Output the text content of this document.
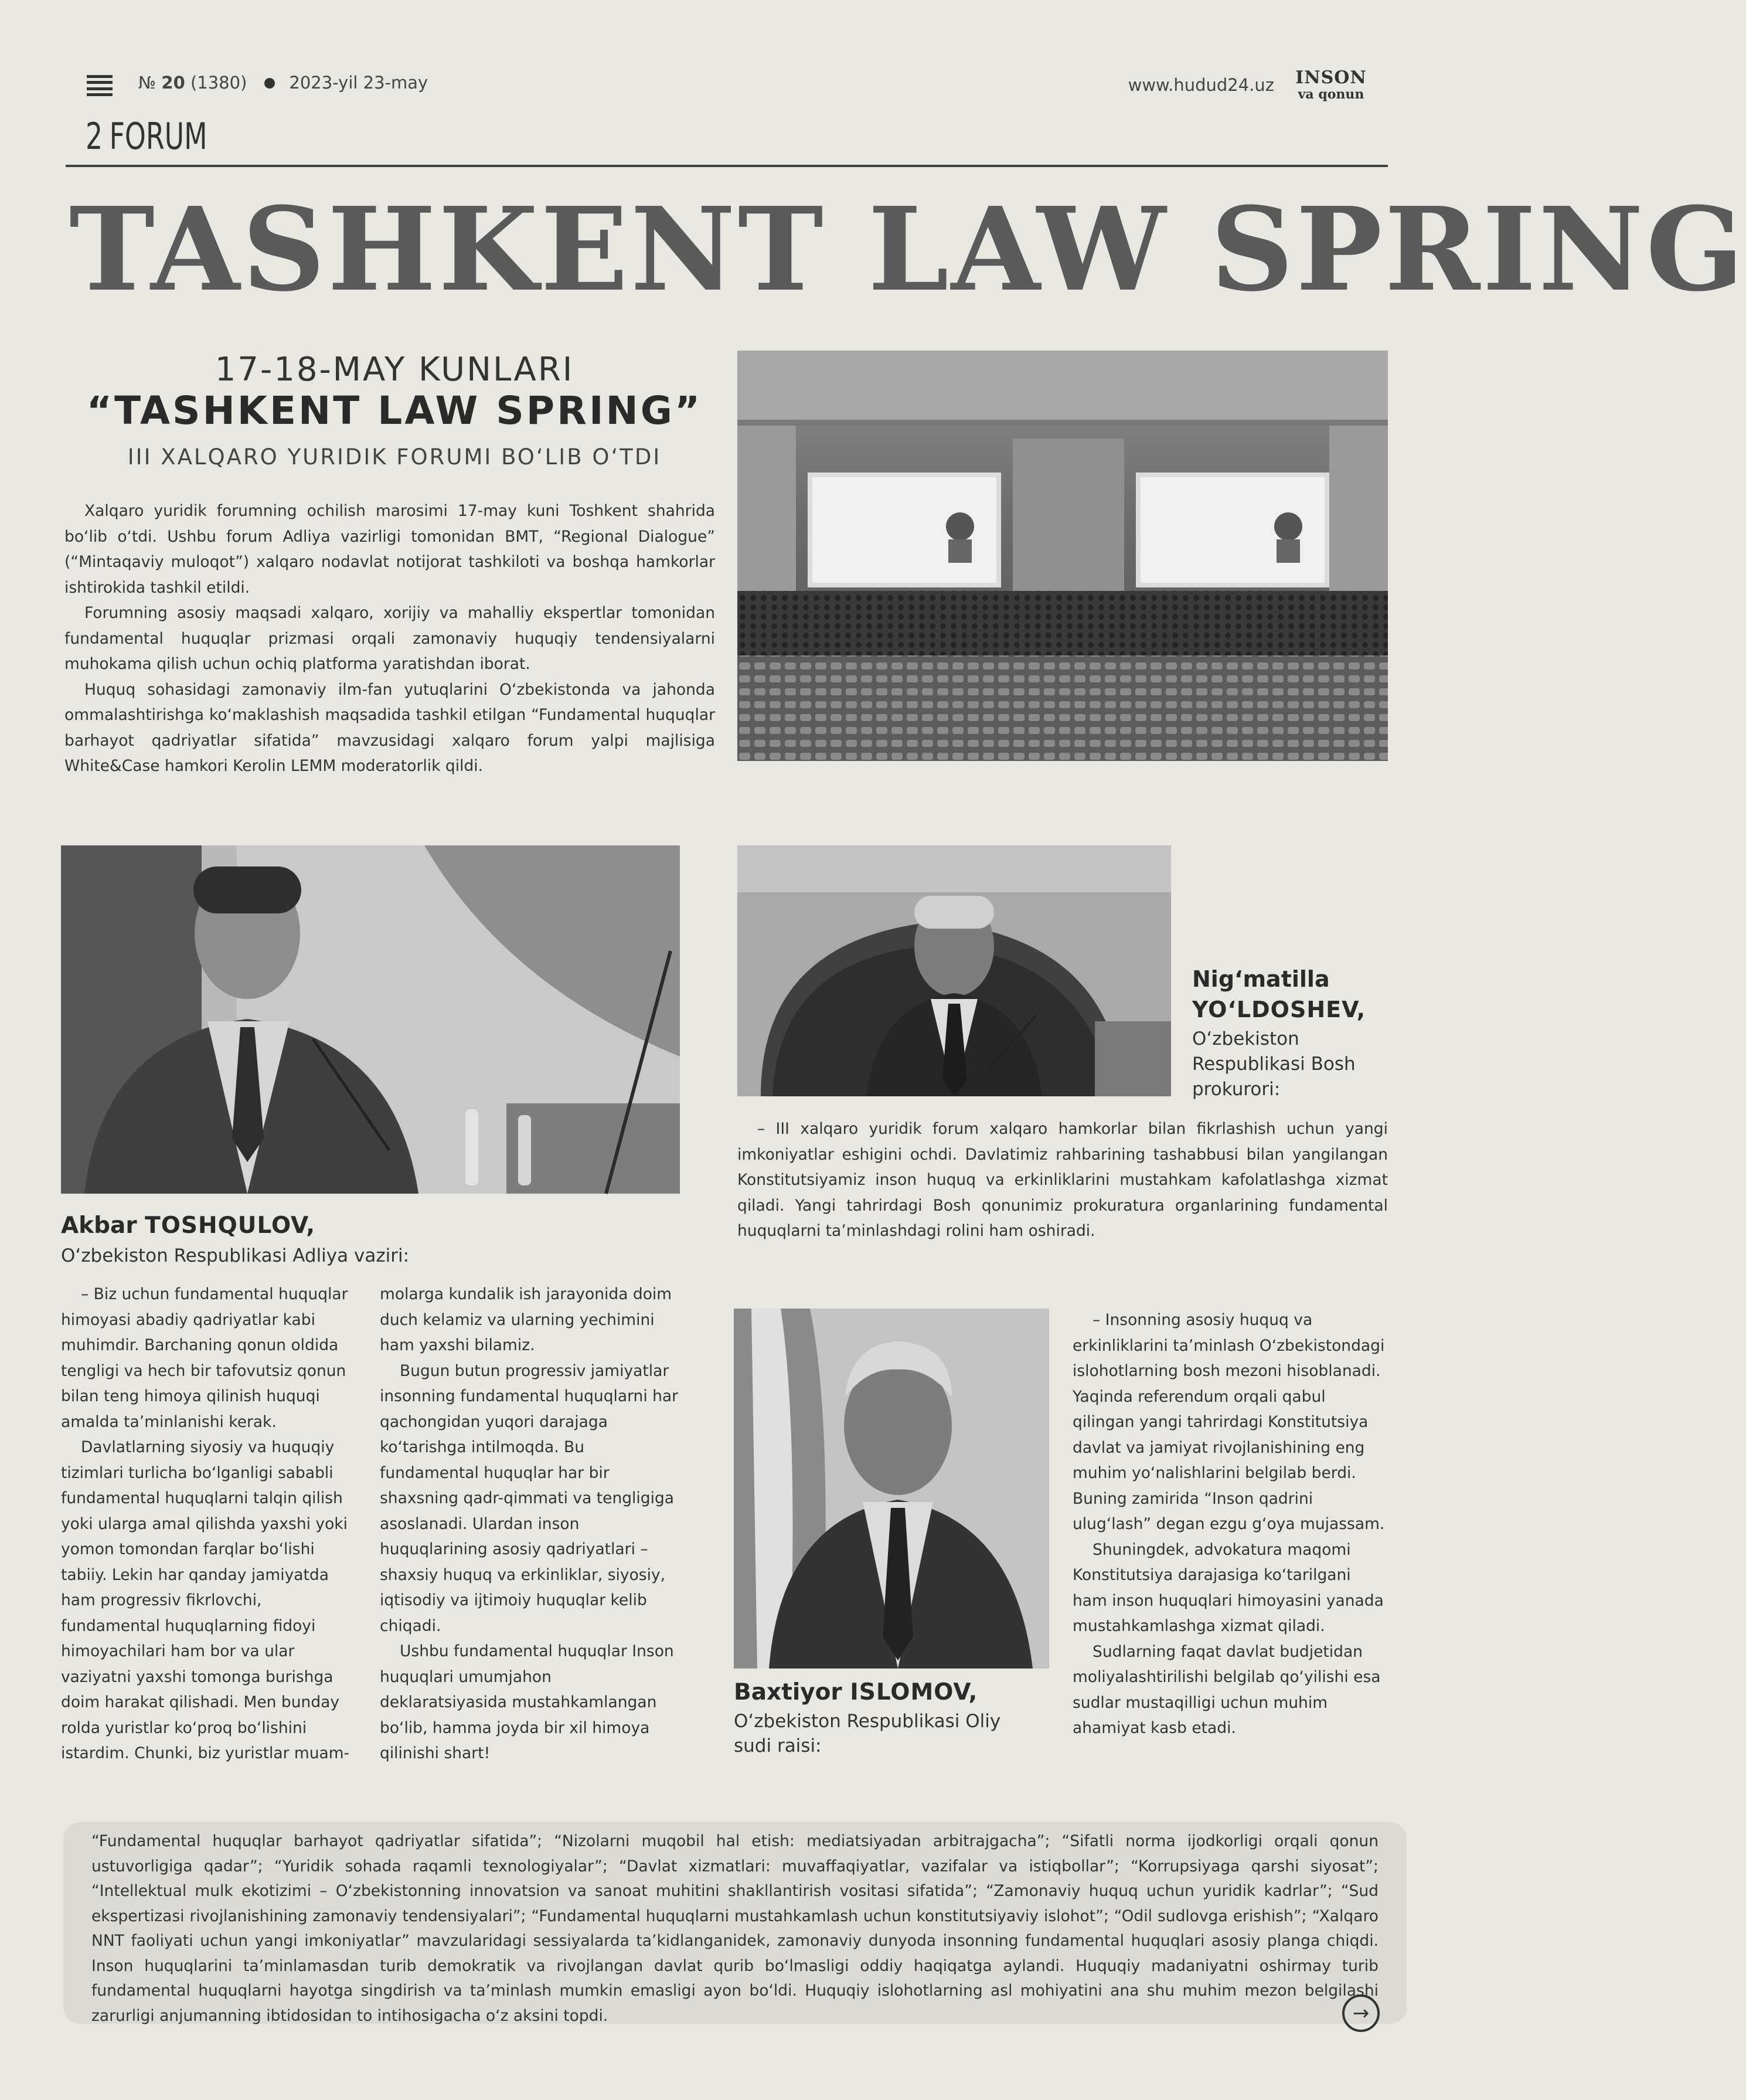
№ 20 (1380) 2023-yil 23-may	www.hudud24.uz INSON
va qonun
2 FORUM
TASHKENT LAW SPRING
17-18-MAY KUNLARI
“TASHKENT LAW SPRING”
III XALQARO YURIDIK FORUMI BO‘LIB O‘TDI

Xalqaro yuridik forumning ochilish marosimi 17-may kuni Toshkent shahrida bo‘lib o‘tdi. Ushbu forum Adliya vazirligi tomonidan BMT, “Regional Dialogue” (“Mintaqaviy muloqot”) xalqaro nodavlat notijorat tashkiloti va boshqa hamkorlar ishtirokida tashkil etildi.

Forumning asosiy maqsadi xalqaro, xorijiy va mahalliy ekspertlar tomonidan fundamental huquqlar prizmasi orqali zamonaviy huquqiy tendensiyalarni muhokama qilish uchun ochiq platforma yaratishdan iborat.

Huquq sohasidagi zamonaviy ilm-fan yutuqlarini O‘zbekistonda va jahonda ommalashtirishga ko‘maklashish maqsadida tashkil etilgan “Fundamental huquqlar barhayot qadriyatlar sifatida” mavzusidagi xalqaro forum yalpi majlisiga White&Case hamkori Kerolin LEMM moderatorlik qildi.

Nig‘matilla
YO‘LDOSHEV,
O‘zbekiston
Respublikasi Bosh
prokurori:

– III xalqaro yuridik forum xalqaro hamkorlar bilan fikrlashish uchun yangi imkoniyatlar eshigini ochdi. Davlatimiz rahbarining tashabbusi bilan yangilangan Konstitutsiyamiz inson huquq va erkinliklarini mustahkam kafolatlashga xizmat qiladi. Yangi tahrirdagi Bosh qonunimiz prokuratura organlarining fundamental huquqlarni ta’minlashdagi rolini ham oshiradi.

Akbar TOSHQULOV,
O‘zbekiston Respublikasi Adliya vaziri:

– Biz uchun fundamental huquqlar himoyasi abadiy qadriyatlar kabi muhimdir. Barchaning qonun oldida tengligi va hech bir tafovutsiz qonun bilan teng himoya qilinish huquqi amalda ta’minlanishi kerak.

Davlatlarning siyosiy va huquqiy tizimlari turlicha bo‘lganligi sababli fundamental huquqlarni talqin qilish yoki ularga amal qilishda yaxshi yoki yomon tomondan farqlar bo‘lishi tabiiy. Lekin har qanday jamiyatda ham progressiv fikrlovchi, fundamental huquqlarning fidoyi himoyachilari ham bor va ular vaziyatni yaxshi tomonga burishga doim harakat qilishadi. Men bunday rolda yuristlar ko‘proq bo‘lishini istardim. Chunki, biz yuristlar muam-

molarga kundalik ish jarayonida doim duch kelamiz va ularning yechimini ham yaxshi bilamiz.

Bugun butun progressiv jamiyatlar insonning fundamental huquqlarni har qachongidan yuqori darajaga ko‘tarishga intilmoqda. Bu fundamental huquqlar har bir shaxsning qadr-qimmati va tengligiga asoslanadi. Ulardan inson huquqlarining asosiy qadriyatlari – shaxsiy huquq va erkinliklar, siyosiy, iqtisodiy va ijtimoiy huquqlar kelib chiqadi.

Ushbu fundamental huquqlar Inson huquqlari umumjahon deklaratsiyasida mustahkamlangan bo‘lib, hamma joyda bir xil himoya qilinishi shart!

– Insonning asosiy huquq va erkinliklarini ta’minlash O‘zbekistondagi islohotlarning bosh mezoni hisoblanadi. Yaqinda referendum orqali qabul qilingan yangi tahrirdagi Konstitutsiya davlat va jamiyat rivojlanishining eng muhim yo‘nalishlarini belgilab berdi. Buning zamirida “Inson qadrini ulug‘lash” degan ezgu g‘oya mujassam.

Shuningdek, advokatura maqomi Konstitutsiya darajasiga ko‘tarilgani ham inson huquqlari himoyasini yanada mustahkamlashga xizmat qiladi.

Sudlarning faqat davlat budjetidan moliyalashtirilishi belgilab qo‘yilishi esa sudlar mustaqilligi uchun muhim ahamiyat kasb etadi.

Baxtiyor ISLOMOV,
O‘zbekiston Respublikasi Oliy
sudi raisi:

“Fundamental huquqlar barhayot qadriyatlar sifatida”; “Nizolarni muqobil hal etish: mediatsiyadan arbitrajgacha”; “Sifatli norma ijodkorligi orqali qonun ustuvorligiga qadar”; “Yuridik sohada raqamli texnologiyalar”; “Davlat xizmatlari: muvaffaqiyatlar, vazifalar va istiqbollar”; “Korrupsiyaga qarshi siyosat”; “Intellektual mulk ekotizimi – O‘zbekistonning innovatsion va sanoat muhitini shakllantirish vositasi sifatida”; “Zamonaviy huquq uchun yuridik kadrlar”; “Sud ekspertizasi rivojlanishining zamonaviy tendensiyalari”; “Fundamental huquqlarni mustahkamlash uchun konstitutsiyaviy islohot”; “Odil sudlovga erishish”; “Xalqaro NNT faoliyati uchun yangi imkoniyatlar” mavzularidagi sessiyalarda ta’kidlanganidek, zamonaviy dunyoda insonning fundamental huquqlari asosiy planga chiqdi. Inson huquqlarini ta’minlamasdan turib demokratik va rivojlangan davlat qurib bo‘lmasligi oddiy haqiqatga aylandi. Huquqiy madaniyatni oshirmay turib fundamental huquqlarni hayotga singdirish va ta’minlash mumkin emasligi ayon bo‘ldi. Huquqiy islohotlarning asl mohiyatini ana shu muhim mezon belgilashi zarurligi anjumanning ibtidosidan to intihosigacha o‘z aksini topdi.	→
